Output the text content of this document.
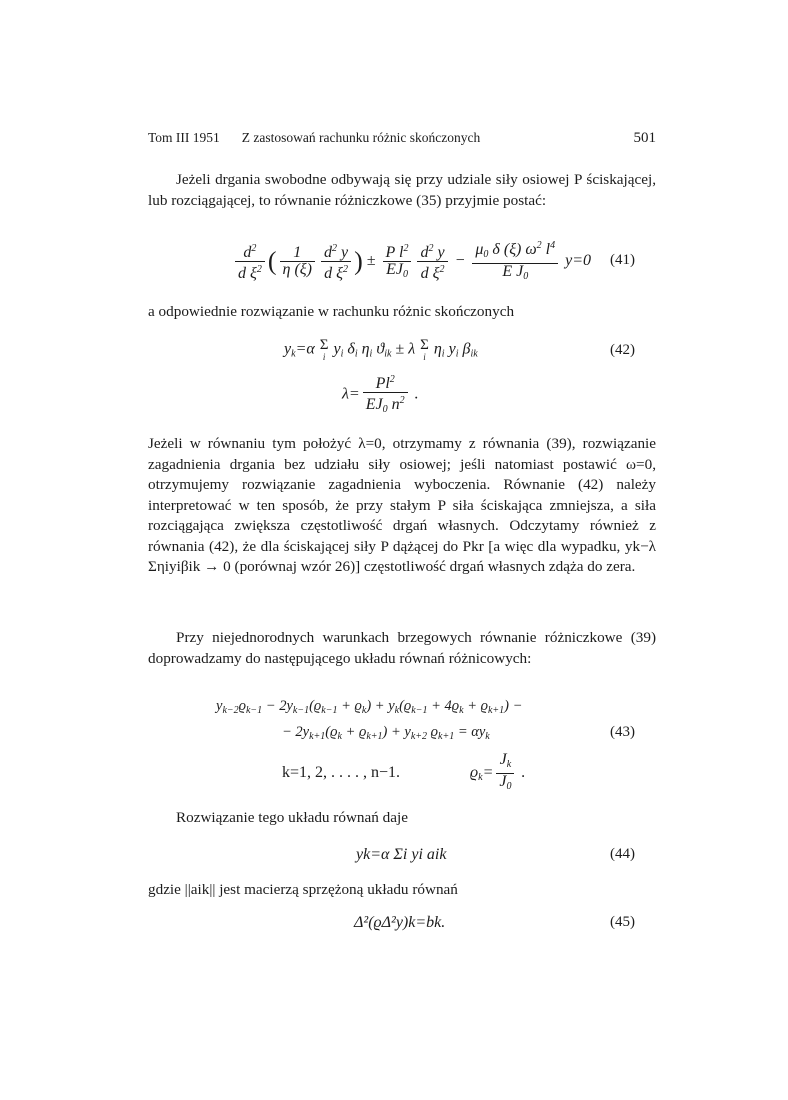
Tom III 1951 Z zastosowań rachunku różnic skończonych	501

Jeżeli drgania swobodne odbywają się przy udziale siły osiowej P ściskającej, lub rozciągającej, to równanie różniczkowe (35) przyjmie postać:

$\frac{d^2}{d \xi^2}$ ( $\frac{1}{\eta (\xi)} \frac{d^2 y}{d \xi^2}$ ) ± $\frac{P l^2}{EJ_0} \frac{d^2 y}{d \xi^2} - \frac{\mu_0 \delta (\xi) \omega^2 l^4}{E J_0} y=0$ (41)

a odpowiednie rozwiązanie w rachunku różnic skończonych

$y_k=\alpha$ Σ
i $y_i$ $\delta_i$ $\eta_i$ $ϑ_{ik} \pm \lambda$ Σ
i $\eta_i$ $y_i$ $\beta_{ik}$	(42)
$\lambda= \frac{Pl^2}{EJ_0 n^2}$ .

Jeżeli w równaniu tym położyć λ=0, otrzymamy z równania (39), rozwiązanie zagadnienia drgania bez udziału siły osiowej; jeśli natomiast postawić ω=0, otrzymujemy rozwiązanie zagadnienia wyboczenia. Równanie (42) należy interpretować w ten sposób, że przy stałym P siła ściskająca zmniejsza, a siła rozciągająca zwiększa częstotliwość drgań własnych. Odczytamy również z równania (42), że dla ściskającej siły P dążącej do Pkr [a więc dla wypadku, yk−λ Σηiyiβik → 0 (porównaj wzór 26)] częstotliwość drgań własnych zdąża do zera.

Przy niejednorodnych warunkach brzegowych równanie różniczkowe (39) doprowadzamy do następującego układu równań różnicowych:

$y_{k-2}ϱ_{k-1} - 2y_{k-1}(ϱ_{k-1} + ϱ_k) + y_k(ϱ_{k-1} + 4ϱ_k + ϱ_{k+1})$ −
− $2y_{k+1}(ϱ_k + ϱ_{k+1}) + y_{k+2}$ $ϱ_{k+1} = \alpha y_k$	(43)
k=1, 2, . . . . , n−1.	$ϱ_k= \frac{J_k}{J_0}$ .

Rozwiązanie tego układu równań daje

yk=α Σi yi aik	(44)

gdzie ||aik|| jest macierzą sprzężoną układu równań

Δ²(ϱΔ²y)k=bk.	(45)
